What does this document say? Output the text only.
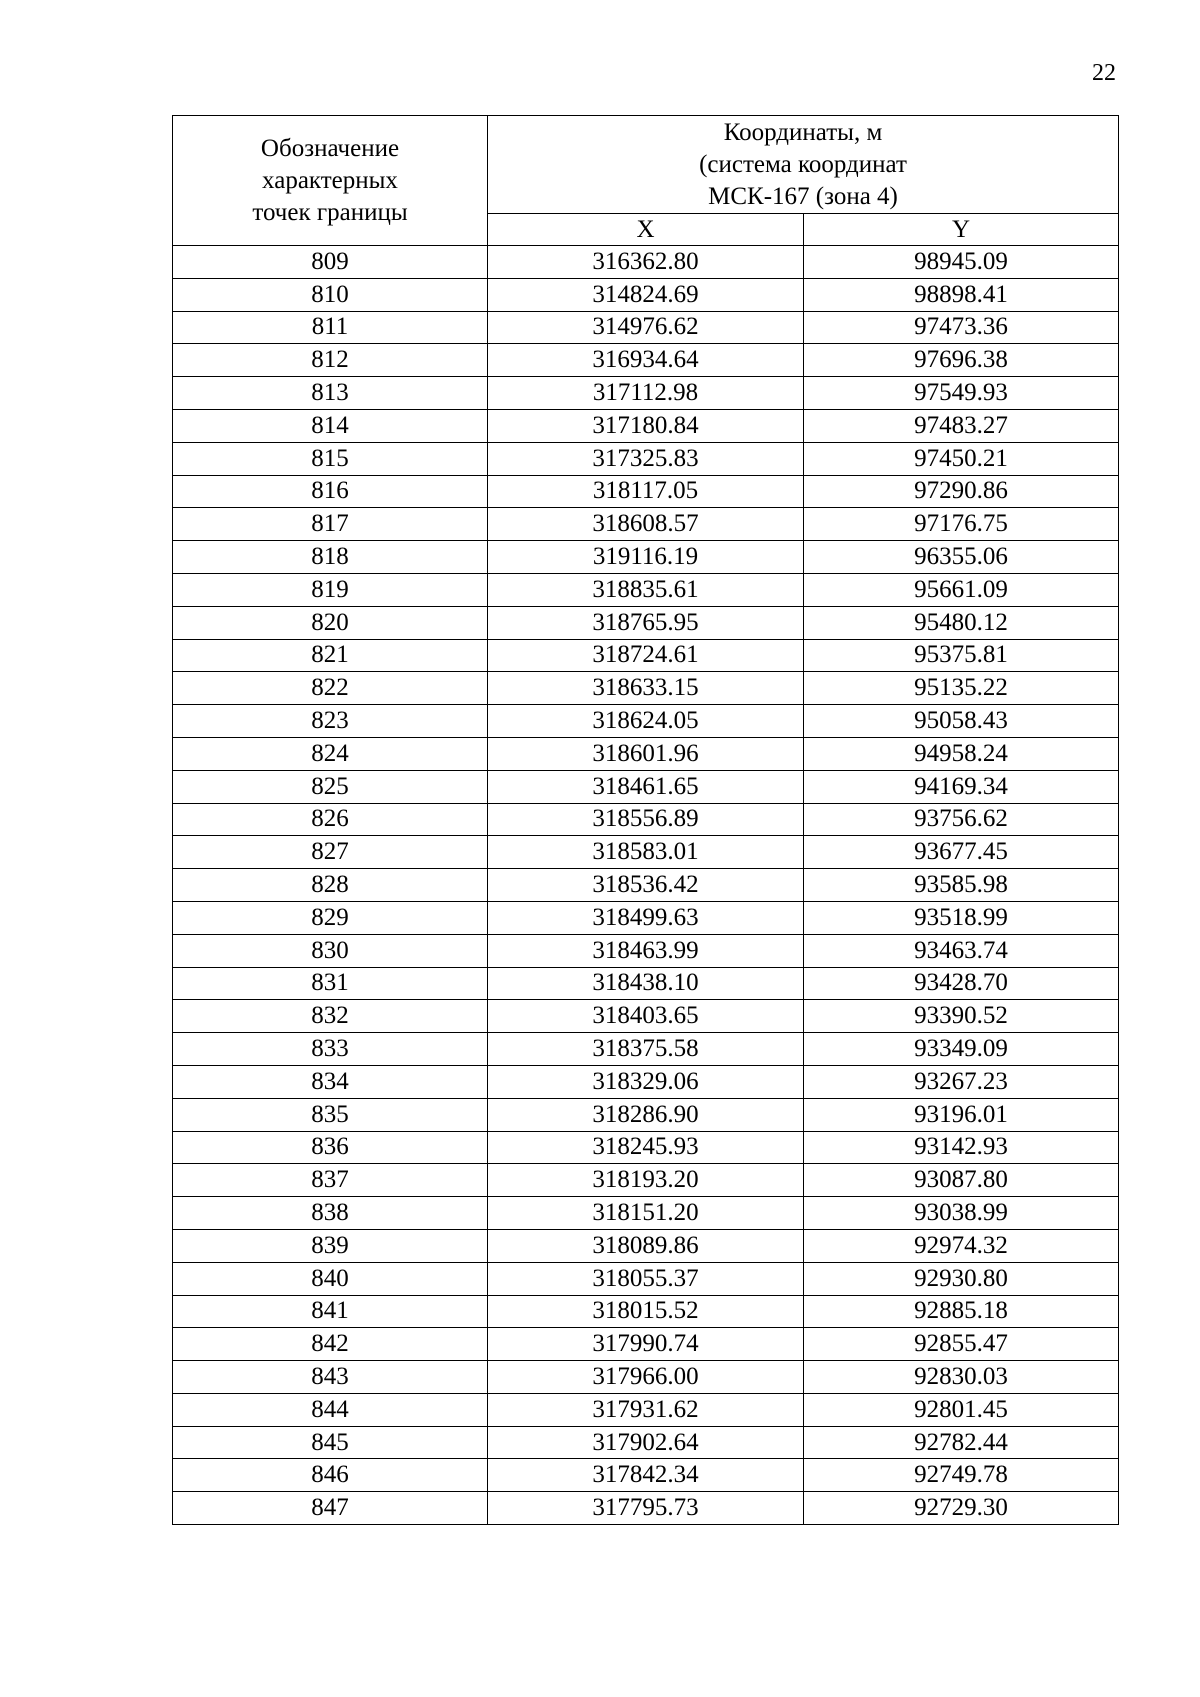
22
Обозначение
характерных
точек границы	Координаты, м
(система координат
МСК-167 (зона 4)	

	X	Y
809	316362.80	98945.09
810	314824.69	98898.41
811	314976.62	97473.36
812	316934.64	97696.38
813	317112.98	97549.93
814	317180.84	97483.27
815	317325.83	97450.21
816	318117.05	97290.86
817	318608.57	97176.75
818	319116.19	96355.06
819	318835.61	95661.09
820	318765.95	95480.12
821	318724.61	95375.81
822	318633.15	95135.22
823	318624.05	95058.43
824	318601.96	94958.24
825	318461.65	94169.34
826	318556.89	93756.62
827	318583.01	93677.45
828	318536.42	93585.98
829	318499.63	93518.99
830	318463.99	93463.74
831	318438.10	93428.70
832	318403.65	93390.52
833	318375.58	93349.09
834	318329.06	93267.23
835	318286.90	93196.01
836	318245.93	93142.93
837	318193.20	93087.80
838	318151.20	93038.99
839	318089.86	92974.32
840	318055.37	92930.80
841	318015.52	92885.18
842	317990.74	92855.47
843	317966.00	92830.03
844	317931.62	92801.45
845	317902.64	92782.44
846	317842.34	92749.78
847	317795.73	92729.30
